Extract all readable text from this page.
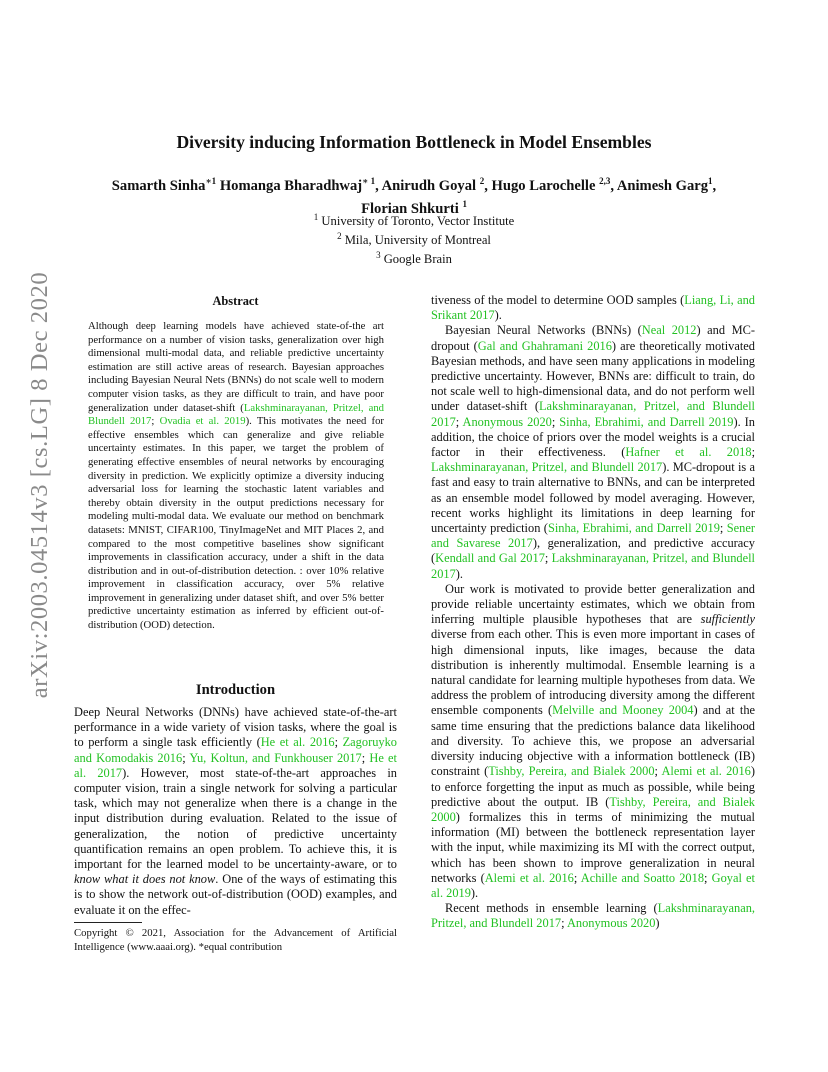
arXiv:2003.04514v3 [cs.LG] 8 Dec 2020
Diversity inducing Information Bottleneck in Model Ensembles
Samarth Sinha$^{∗1}$ Homanga Bharadhwaj$^{∗ 1}$, Anirudh Goyal $^2$, Hugo Larochelle $^{2,3}$, Animesh Garg$^1$,
Florian Shkurti $^1$
$^1$ University of Toronto, Vector Institute
$^2$ Mila, University of Montreal
$^3$ Google Brain
Abstract
Although deep learning models have achieved state-of-the art performance on a number of vision tasks, generalization over high dimensional multi-modal data, and reliable predictive uncertainty estimation are still active areas of research. Bayesian approaches including Bayesian Neural Nets (BNNs) do not scale well to modern computer vision tasks, as they are difficult to train, and have poor generalization under dataset-shift (Lakshminarayanan, Pritzel, and Blundell 2017; Ovadia et al. 2019). This motivates the need for effective ensembles which can generalize and give reliable uncertainty estimates. In this paper, we target the problem of generating effective ensembles of neural networks by encouraging diversity in prediction. We explicitly optimize a diversity inducing adversarial loss for learning the stochastic latent variables and thereby obtain diversity in the output predictions necessary for modeling multi-modal data. We evaluate our method on benchmark datasets: MNIST, CIFAR100, TinyImageNet and MIT Places 2, and compared to the most competitive baselines show significant improvements in classification accuracy, under a shift in the data distribution and in out-of-distribution detection. : over 10% relative improvement in classification accuracy, over 5% relative improvement in generalizing under dataset shift, and over 5% better predictive uncertainty estimation as inferred by efficient out-of-distribution (OOD) detection.
Introduction
Deep Neural Networks (DNNs) have achieved state-of-the-art performance in a wide variety of vision tasks, where the goal is to perform a single task efficiently (He et al. 2016; Zagoruyko and Komodakis 2016; Yu, Koltun, and Funkhouser 2017; He et al. 2017). However, most state-of-the-art approaches in computer vision, train a single network for solving a particular task, which may not generalize when there is a change in the input distribution during evaluation. Related to the issue of generalization, the notion of predictive uncertainty quantification remains an open problem. To achieve this, it is important for the learned model to be uncertainty-aware, or to know what it does not know. One of the ways of estimating this is to show the network out-of-distribution (OOD) examples, and evaluate it on the effec-
Copyright © 2021, Association for the Advancement of Artificial Intelligence (www.aaai.org). *equal contribution

tiveness of the model to determine OOD samples (Liang, Li, and Srikant 2017).

Bayesian Neural Networks (BNNs) (Neal 2012) and MC-dropout (Gal and Ghahramani 2016) are theoretically motivated Bayesian methods, and have seen many applications in modeling predictive uncertainty. However, BNNs are: difficult to train, do not scale well to high-dimensional data, and do not perform well under dataset-shift (Lakshminarayanan, Pritzel, and Blundell 2017; Anonymous 2020; Sinha, Ebrahimi, and Darrell 2019). In addition, the choice of priors over the model weights is a crucial factor in their effectiveness. (Hafner et al. 2018; Lakshminarayanan, Pritzel, and Blundell 2017). MC-dropout is a fast and easy to train alternative to BNNs, and can be interpreted as an ensemble model followed by model averaging. However, recent works highlight its limitations in deep learning for uncertainty prediction (Sinha, Ebrahimi, and Darrell 2019; Sener and Savarese 2017), generalization, and predictive accuracy (Kendall and Gal 2017; Lakshminarayanan, Pritzel, and Blundell 2017).

Our work is motivated to provide better generalization and provide reliable uncertainty estimates, which we obtain from inferring multiple plausible hypotheses that are sufficiently diverse from each other. This is even more important in cases of high dimensional inputs, like images, because the data distribution is inherently multimodal. Ensemble learning is a natural candidate for learning multiple hypotheses from data. We address the problem of introducing diversity among the different ensemble components (Melville and Mooney 2004) and at the same time ensuring that the predictions balance data likelihood and diversity. To achieve this, we propose an adversarial diversity inducing objective with a information bottleneck (IB) constraint (Tishby, Pereira, and Bialek 2000; Alemi et al. 2016) to enforce forgetting the input as much as possible, while being predictive about the output. IB (Tishby, Pereira, and Bialek 2000) formalizes this in terms of minimizing the mutual information (MI) between the bottleneck representation layer with the input, while maximizing its MI with the correct output, which has been shown to improve generalization in neural networks (Alemi et al. 2016; Achille and Soatto 2018; Goyal et al. 2019).

Recent methods in ensemble learning (Lakshminarayanan, Pritzel, and Blundell 2017; Anonymous 2020)
